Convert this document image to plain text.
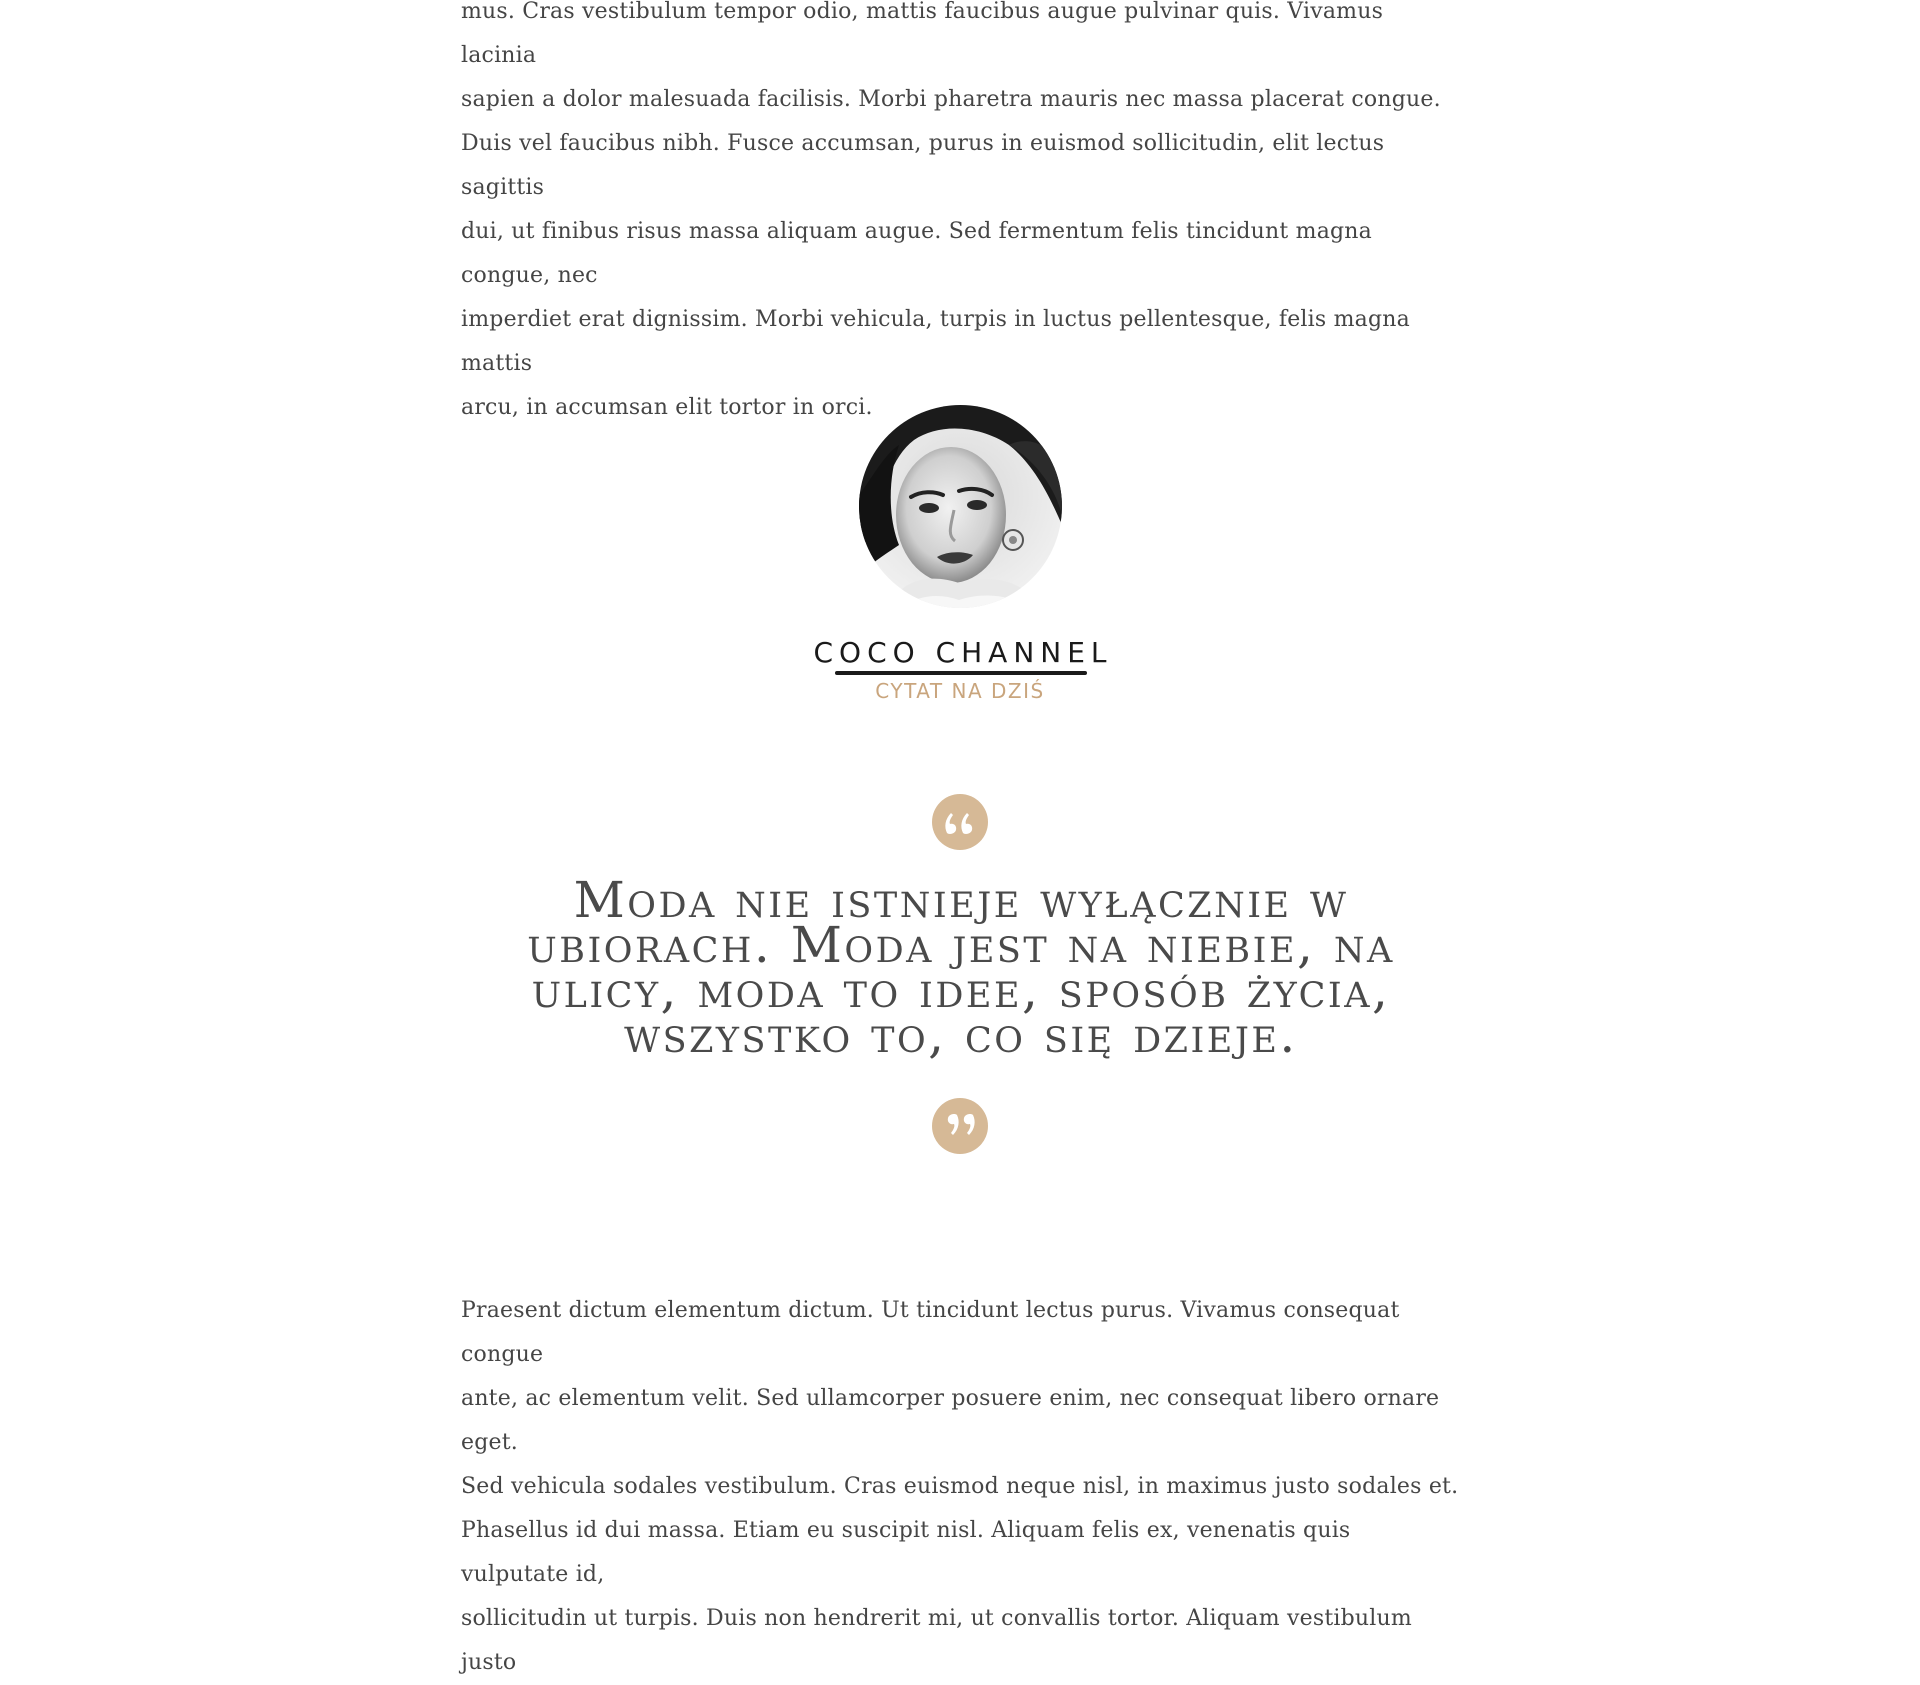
mus. Cras vestibulum tempor odio, mattis faucibus augue pulvinar quis. Vivamus lacinia
sapien a dolor malesuada facilisis. Morbi pharetra mauris nec massa placerat congue.

Duis vel faucibus nibh. Fusce accumsan, purus in euismod sollicitudin, elit lectus sagittis
dui, ut finibus risus massa aliquam augue. Sed fermentum felis tincidunt magna congue, nec
imperdiet erat dignissim. Morbi vehicula, turpis in luctus pellentesque, felis magna mattis
arcu, in accumsan elit tortor in orci.

COCO CHANNEL
CYTAT NA DZIŚ
Moda nie istnieje wyłącznie w
ubiorach. Moda jest na niebie, na
ulicy, moda to idee, sposób życia,
wszystko to, co się dzieje.

Praesent dictum elementum dictum. Ut tincidunt lectus purus. Vivamus consequat congue
ante, ac elementum velit. Sed ullamcorper posuere enim, nec consequat libero ornare eget.
Sed vehicula sodales vestibulum. Cras euismod neque nisl, in maximus justo sodales et.
Phasellus id dui massa. Etiam eu suscipit nisl. Aliquam felis ex, venenatis quis vulputate id,
sollicitudin ut turpis. Duis non hendrerit mi, ut convallis tortor. Aliquam vestibulum justo
